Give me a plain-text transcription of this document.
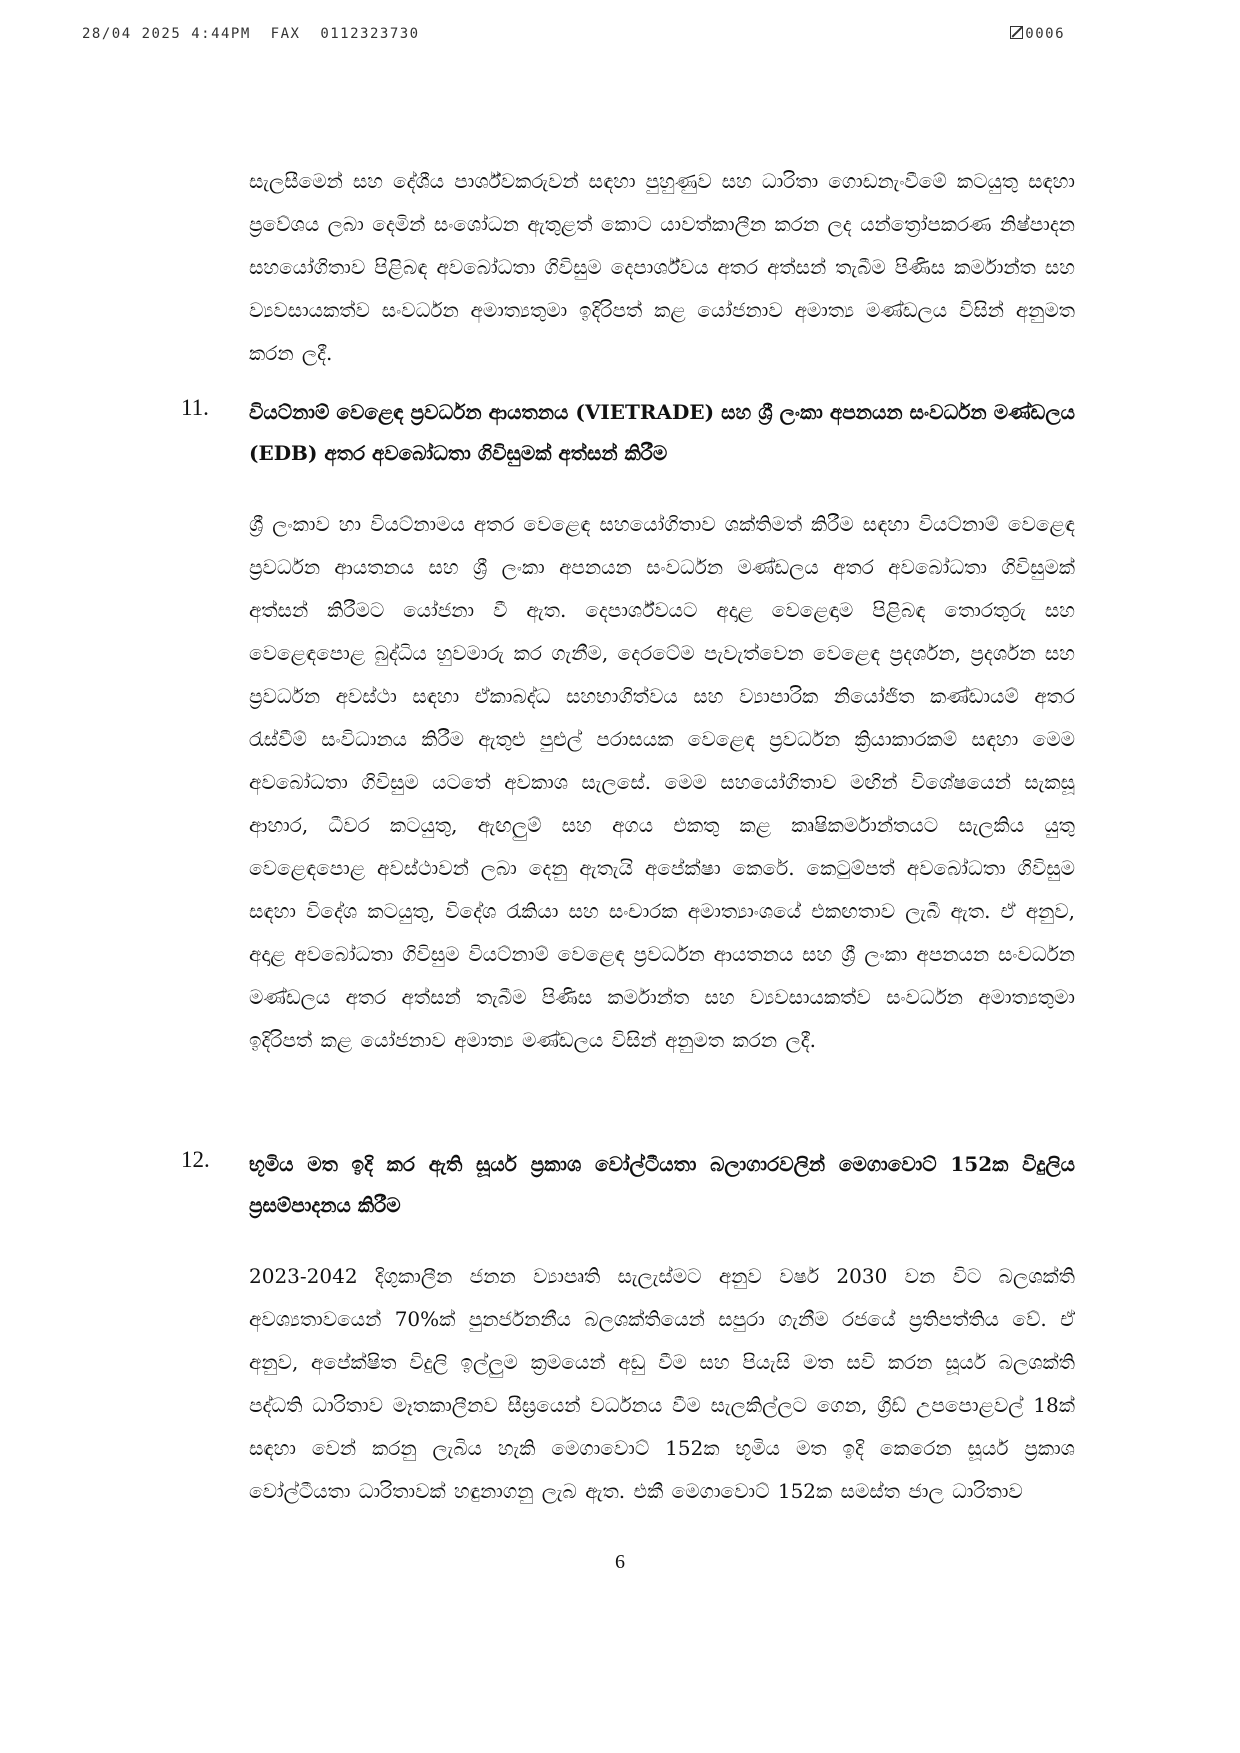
28/04 2025 4:44PM FAX 0112323730	0006

සැලසීමෙන් සහ දේශීය පාර්ශ්වකරුවන් සඳහා පුහුණුව සහ ධාරිතා ගොඩනැංවීමේ කටයුතු සඳහා ප්‍රවේශය ලබා දෙමින් සංශෝධන ඇතුළත් කොට යාවත්කාලීන කරන ලද යන්ත්‍රෝපකරණ නිෂ්පාදන සහයෝගිතාව පිළිබඳ අවබෝධතා ගිවිසුම දෙපාර්ශ්වය අතර අත්සන් තැබීම පිණිස කර්මාන්ත සහ ව්‍යවසායකත්ව සංවර්ධන අමාත්‍යතුමා ඉදිරිපත් කළ යෝජනාව අමාත්‍ය මණ්ඩලය විසින් අනුමත කරන ලදී.

11. වියට්නාම් වෙළෙඳ ප්‍රවර්ධන ආයතනය (VIETRADE) සහ ශ්‍රී ලංකා අපනයන සංවර්ධන මණ්ඩලය (EDB) අතර අවබෝධතා ගිවිසුමක් අත්සන් කිරීම

ශ්‍රී ලංකාව හා වියට්නාමය අතර වෙළෙඳ සහයෝගිතාව ශක්තිමත් කිරීම සඳහා වියට්නාම් වෙළෙඳ ප්‍රවර්ධන ආයතනය සහ ශ්‍රී ලංකා අපනයන සංවර්ධන මණ්ඩලය අතර අවබෝධතා ගිවිසුමක් අත්සන් කිරීමට යෝජනා වී ඇත. දෙපාර්ශ්වයට අදාළ වෙළෙඳාම පිළිබඳ තොරතුරු සහ වෙළෙඳපොළ බුද්ධිය හුවමාරු කර ගැනීම, දෙරටේම පැවැත්වෙන වෙළෙඳ ප්‍රදර්ශන, ප්‍රදර්ශන සහ ප්‍රවර්ධන අවස්ථා සඳහා ඒකාබද්ධ සහභාගිත්වය සහ ව්‍යාපාරික නියෝජිත කණ්ඩායම් අතර රැස්වීම් සංවිධානය කිරීම ඇතුළු පුළුල් පරාසයක වෙළෙඳ ප්‍රවර්ධන ක්‍රියාකාරකම් සඳහා මෙම අවබෝධතා ගිවිසුම යටතේ අවකාශ සැලසේ. මෙම සහයෝගිතාව මඟින් විශේෂයෙන් සැකසූ ආහාර, ධීවර කටයුතු, ඇඟලුම් සහ අගය එකතු කළ කෘෂිකර්මාන්තයට සැලකිය යුතු වෙළෙඳපොළ අවස්ථාවන් ලබා දෙනු ඇතැයි අපේක්ෂා කෙරේ. කෙටුම්පත් අවබෝධතා ගිවිසුම සඳහා විදේශ කටයුතු, විදේශ රැකියා සහ සංචාරක අමාත්‍යාංශයේ එකඟතාව ලැබී ඇත. ඒ අනුව, අදාළ අවබෝධතා ගිවිසුම වියට්නාම් වෙළෙඳ ප්‍රවර්ධන ආයතනය සහ ශ්‍රී ලංකා අපනයන සංවර්ධන මණ්ඩලය අතර අත්සන් තැබීම පිණිස කර්මාන්ත සහ ව්‍යවසායකත්ව සංවර්ධන අමාත්‍යතුමා ඉදිරිපත් කළ යෝජනාව අමාත්‍ය මණ්ඩලය විසින් අනුමත කරන ලදී.

12. භූමිය මත ඉදි කර ඇති සූර්ය ප්‍රකාශ වෝල්ටීයතා බලාගාරවලින් මෙගාවොට් 152ක විදුලිය ප්‍රසම්පාදනය කිරීම

2023-2042 දිගුකාලීන ජනන ව්‍යාපෘති සැලැස්මට අනුව වර්ෂ 2030 වන විට බලශක්ති අවශ්‍යතාවයෙන් 70%ක් පුනර්ජනනීය බලශක්තියෙන් සපුරා ගැනීම රජයේ ප්‍රතිපත්තිය වේ. ඒ අනුව, අපේක්ෂිත විදුලි ඉල්ලුම ක්‍රමයෙන් අඩු වීම සහ පියැසි මත සවි කරන සූර්ය බලශක්ති පද්ධති ධාරිතාව මෑතකාලීනව සීඝ්‍රයෙන් වර්ධනය වීම සැලකිල්ලට ගෙන, ග්‍රිඩ් උපපොළවල් 18ක් සඳහා වෙන් කරනු ලැබිය හැකි මෙගාවොට් 152ක භූමිය මත ඉදි කෙරෙන සූර්ය ප්‍රකාශ වෝල්ටීයතා ධාරිතාවක් හඳුනාගනු ලැබ ඇත. එකී මෙගාවොට් 152ක සමස්ත ජාල ධාරිතාව

6
